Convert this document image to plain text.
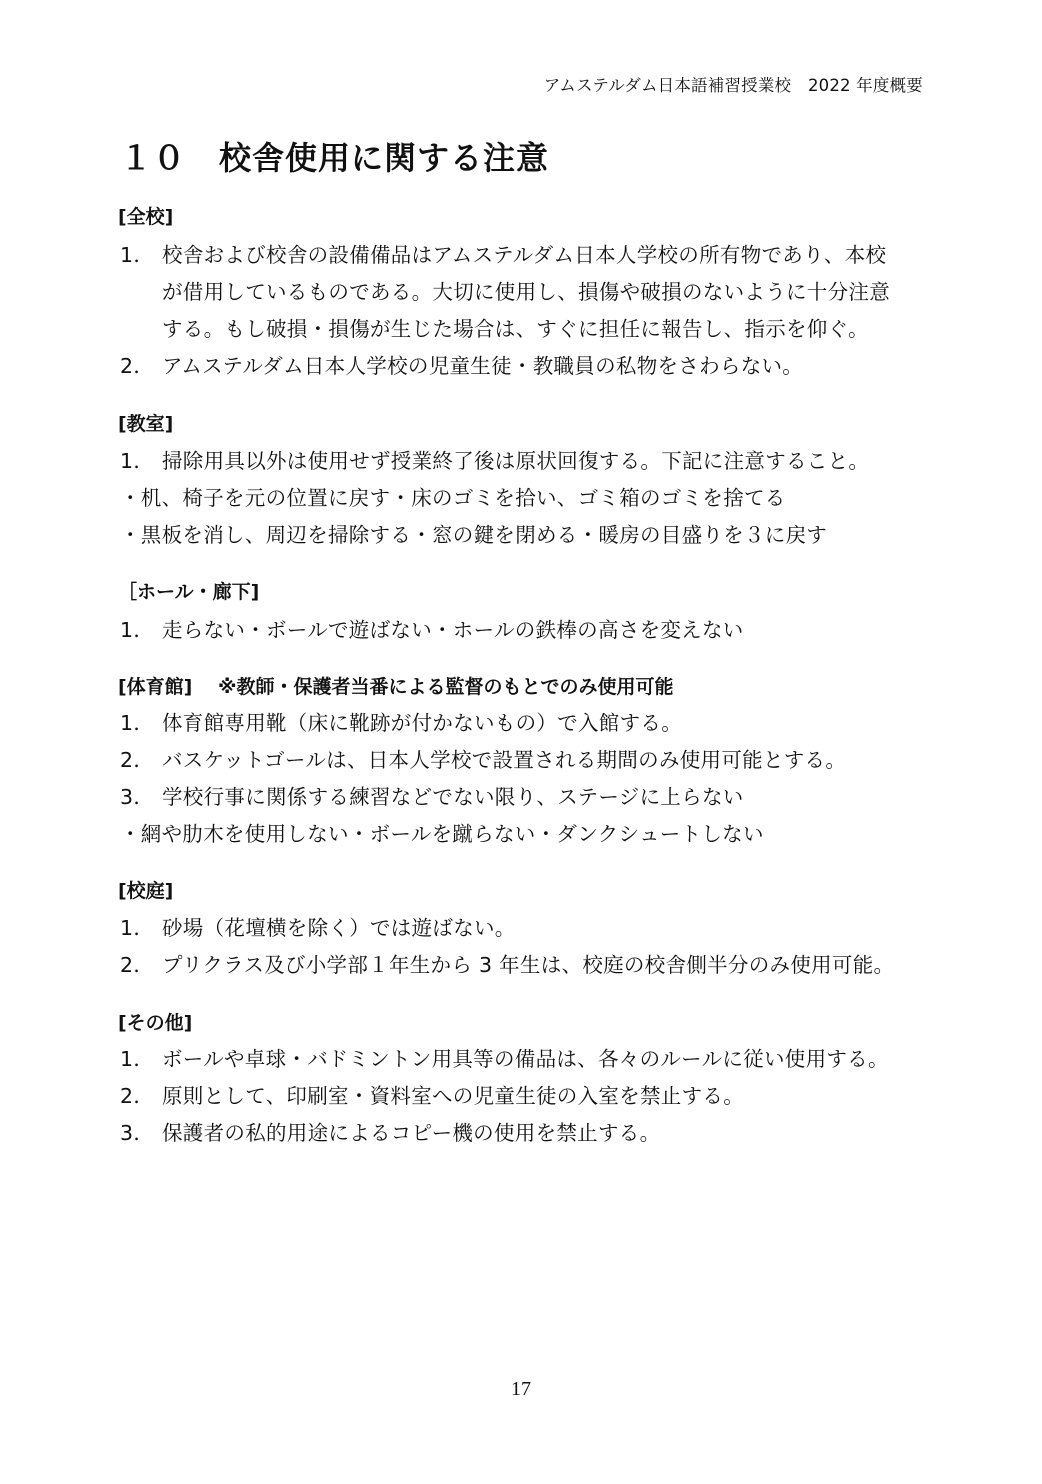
アムステルダム日本語補習授業校　2022 年度概要
１０　校舎使用に関する注意
[全校]
1． 校舎および校舎の設備備品はアムステルダム日本人学校の所有物であり、本校
が借用しているものである。大切に使用し、損傷や破損のないように十分注意
する。もし破損・損傷が生じた場合は、すぐに担任に報告し、指示を仰ぐ。
2． アムステルダム日本人学校の児童生徒・教職員の私物をさわらない。
[教室]
1． 掃除用具以外は使用せず授業終了後は原状回復する。下記に注意すること。
・机、椅子を元の位置に戻す・床のゴミを拾い、ゴミ箱のゴミを捨てる
・黒板を消し、周辺を掃除する・窓の鍵を閉める・暖房の目盛りを３に戻す
［ホール・廊下]
1． 走らない・ボールで遊ばない・ホールの鉄棒の高さを変えない
[体育館]　 ※教師・保護者当番による監督のもとでのみ使用可能
1． 体育館専用靴（床に靴跡が付かないもの）で入館する。
2． バスケットゴールは、日本人学校で設置される期間のみ使用可能とする。
3． 学校行事に関係する練習などでない限り、ステージに上らない
・網や肋木を使用しない・ボールを蹴らない・ダンクシュートしない
[校庭]
1． 砂場（花壇横を除く）では遊ばない。
2． プリクラス及び小学部１年生から 3 年生は、校庭の校舎側半分のみ使用可能。
[その他]
1． ボールや卓球・バドミントン用具等の備品は、各々のルールに従い使用する。
2． 原則として、印刷室・資料室への児童生徒の入室を禁止する。
3． 保護者の私的用途によるコピー機の使用を禁止する。
17
